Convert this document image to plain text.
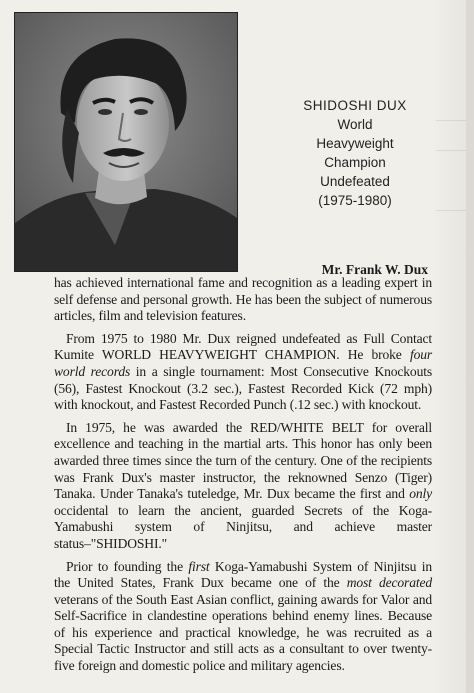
SHIDOSHI DUX
World
Heavyweight
Champion
Undefeated
(1975-1980)
Mr. Frank W. Dux

has achieved international fame and recognition as a leading expert in self defense and personal growth. He has been the subject of numerous articles, film and television features.

From 1975 to 1980 Mr. Dux reigned undefeated as Full Contact Kumite WORLD HEAVYWEIGHT CHAMPION. He broke four world records in a single tournament: Most Consecutive Knockouts (56), Fastest Knockout (3.2 sec.), Fastest Recorded Kick (72 mph) with knockout, and Fastest Recorded Punch (.12 sec.) with knockout.

In 1975, he was awarded the RED/WHITE BELT for overall excellence and teaching in the martial arts. This honor has only been awarded three times since the turn of the century. One of the recipients was Frank Dux's master instructor, the reknowned Senzo (Tiger) Tanaka. Under Tanaka's tuteledge, Mr. Dux became the first and only occidental to learn the ancient, guarded Secrets of the Koga-Yamabushi system of Ninjitsu, and achieve master status–"SHIDOSHI."

Prior to founding the first Koga-Yamabushi System of Ninjitsu in the United States, Frank Dux became one of the most decorated veterans of the South East Asian conflict, gaining awards for Valor and Self-Sacrifice in clandestine operations behind enemy lines. Because of his experience and practical knowledge, he was recruited as a Special Tactic Instructor and still acts as a consultant to over twenty-five foreign and domestic police and military agencies.
